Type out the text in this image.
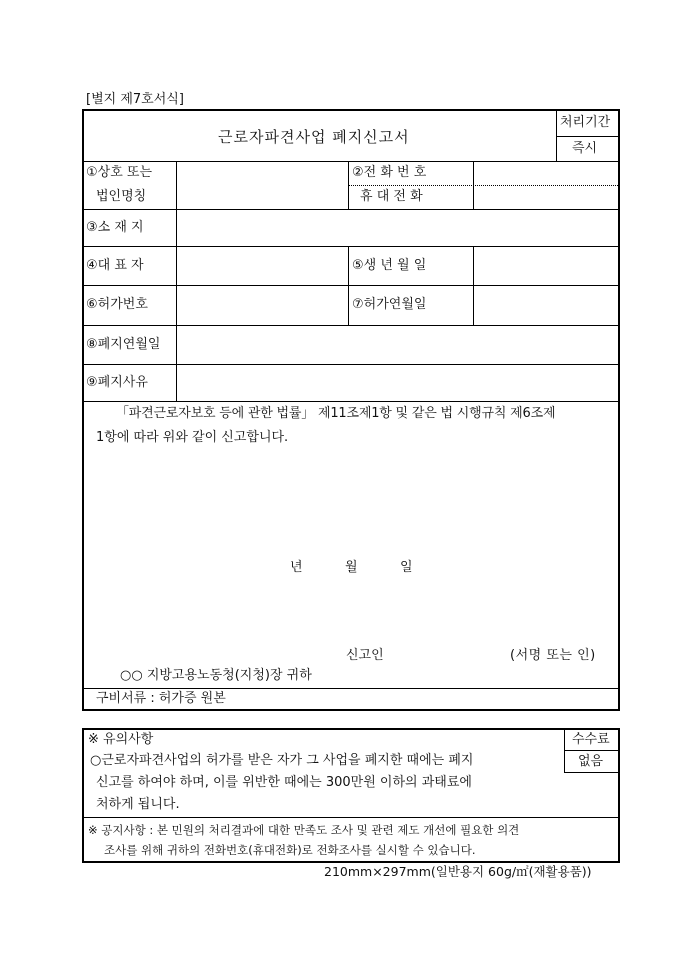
[별지 제7호서식]
근로자파견사업 폐지신고서
처리기간
즉시
①상호 또는
법인명칭
②전 화 번 호
휴 대 전 화
③소 재 지
④대 표 자	⑤생 년 월 일
⑥허가번호	⑦허가연월일
⑧폐지연월일
⑨폐지사유
「파견근로자보호 등에 관한 법률」 제11조제1항 및 같은 법 시행규칙 제6조제
1항에 따라 위와 같이 신고합니다.
년	월	일
신고인	(서명 또는 인)
○○ 지방고용노동청(지청)장 귀하
구비서류 : 허가증 원본
※ 유의사항	수수료
없음
○근로자파견사업의 허가를 받은 자가 그 사업을 폐지한 때에는 폐지
신고를 하여야 하며, 이를 위반한 때에는 300만원 이하의 과태료에
처하게 됩니다.
※ 공지사항 : 본 민원의 처리결과에 대한 만족도 조사 및 관련 제도 개선에 필요한 의견
조사를 위해 귀하의 전화번호(휴대전화)로 전화조사를 실시할 수 있습니다.
210mm×297mm(일반용지 60g/㎡(재활용품))
